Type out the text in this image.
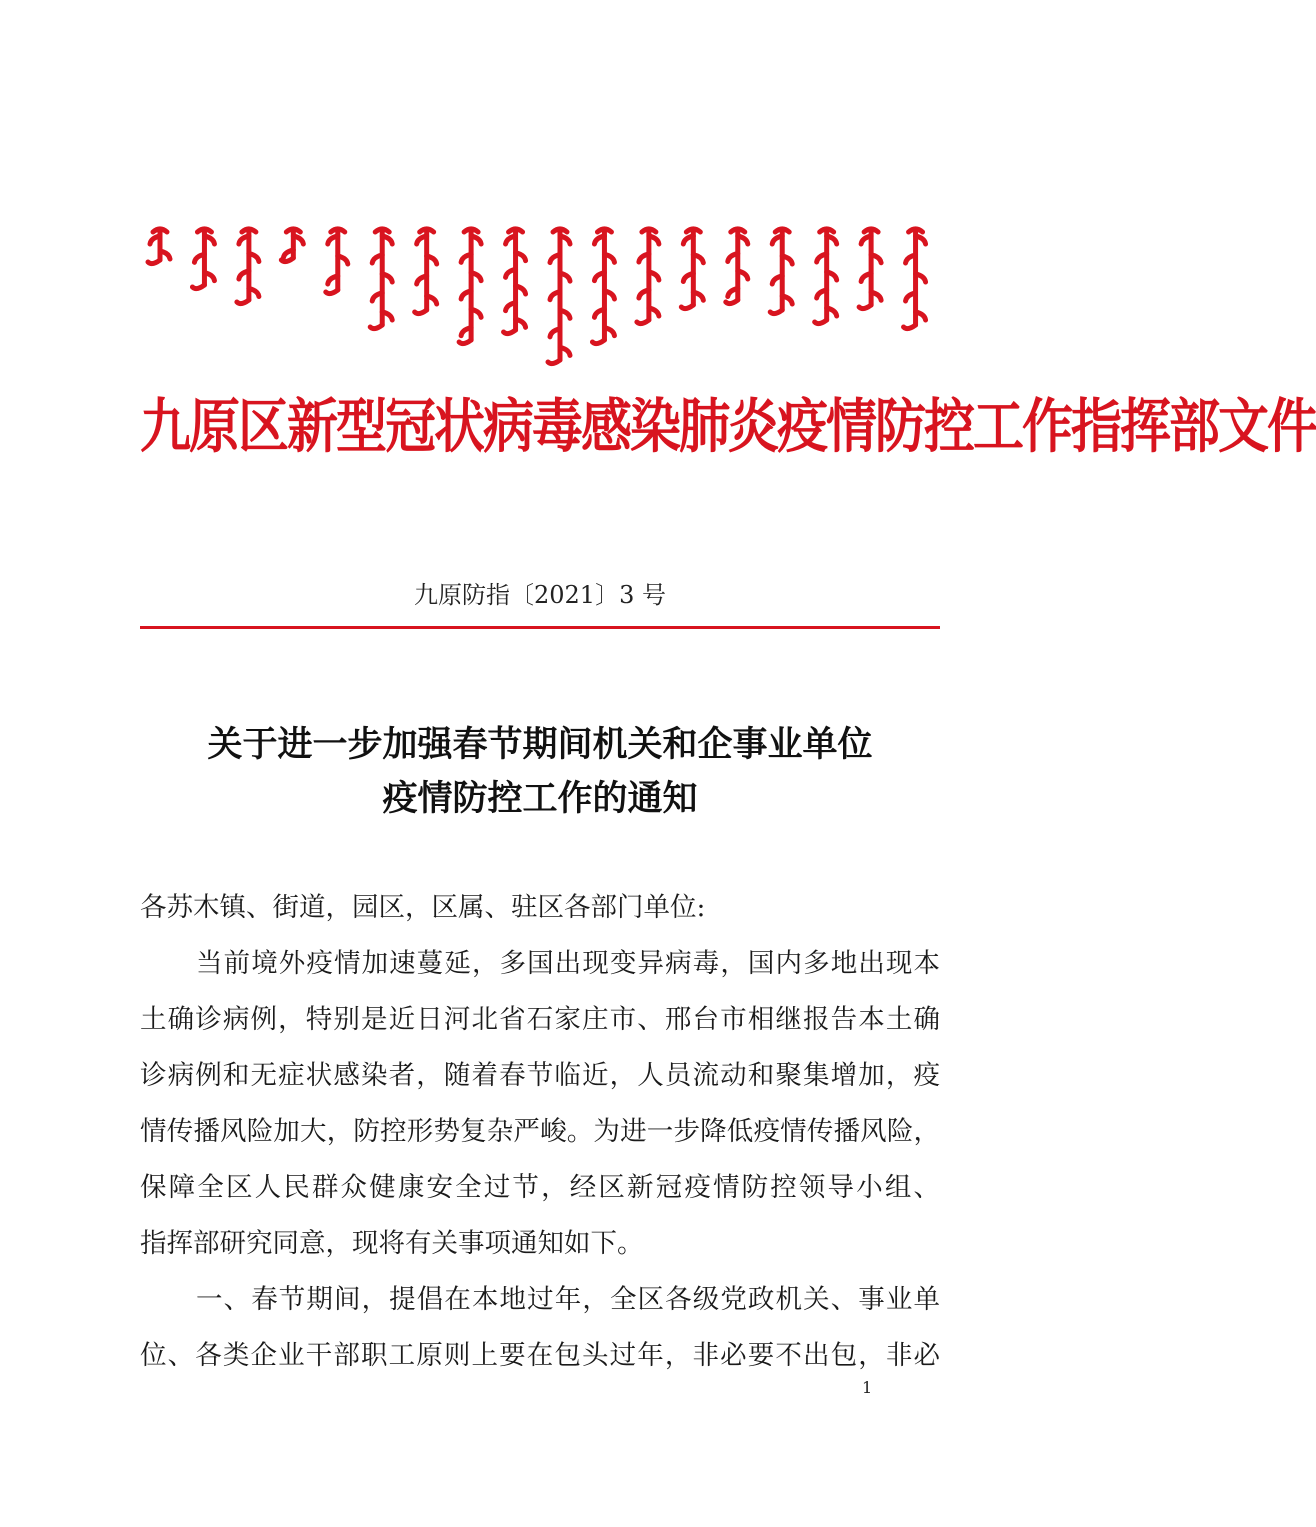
九原区新型冠状病毒感染肺炎疫情防控工作指挥部文件
九原防指〔2021〕3 号
关于进一步加强春节期间机关和企事业单位
疫情防控工作的通知
各苏木镇、街道，园区，区属、驻区各部门单位:
当前境外疫情加速蔓延，多国出现变异病毒，国内多地出现本
土确诊病例，特别是近日河北省石家庄市、邢台市相继报告本土确
诊病例和无症状感染者，随着春节临近，人员流动和聚集增加，疫
情传播风险加大，防控形势复杂严峻。为进一步降低疫情传播风险，
保障全区人民群众健康安全过节，经区新冠疫情防控领导小组、
指挥部研究同意，现将有关事项通知如下。
一、春节期间，提倡在本地过年，全区各级党政机关、事业单
位、各类企业干部职工原则上要在包头过年，非必要不出包，非必
1
